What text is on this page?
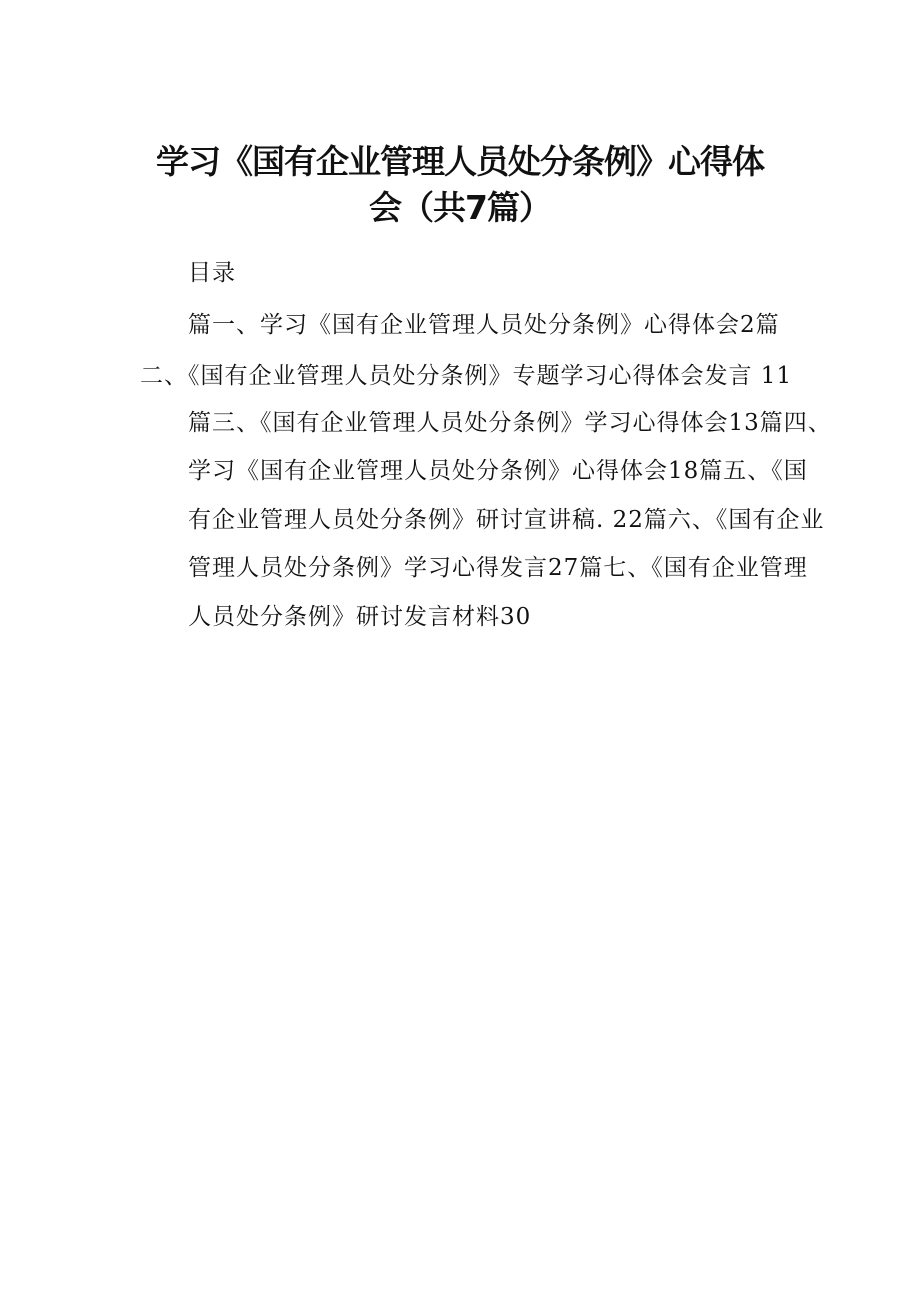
学习《国有企业管理人员处分条例》心得体
会（共7篇）
目录
篇一、学习《国有企业管理人员处分条例》心得体会2篇
二、《国有企业管理人员处分条例》专题学习心得体会发言 11
篇三、《国有企业管理人员处分条例》学习心得体会13篇四、
学习《国有企业管理人员处分条例》心得体会18篇五、《国
有企业管理人员处分条例》研讨宣讲稿. 22篇六、《国有企业
管理人员处分条例》学习心得发言27篇七、《国有企业管理
人员处分条例》研讨发言材料30
